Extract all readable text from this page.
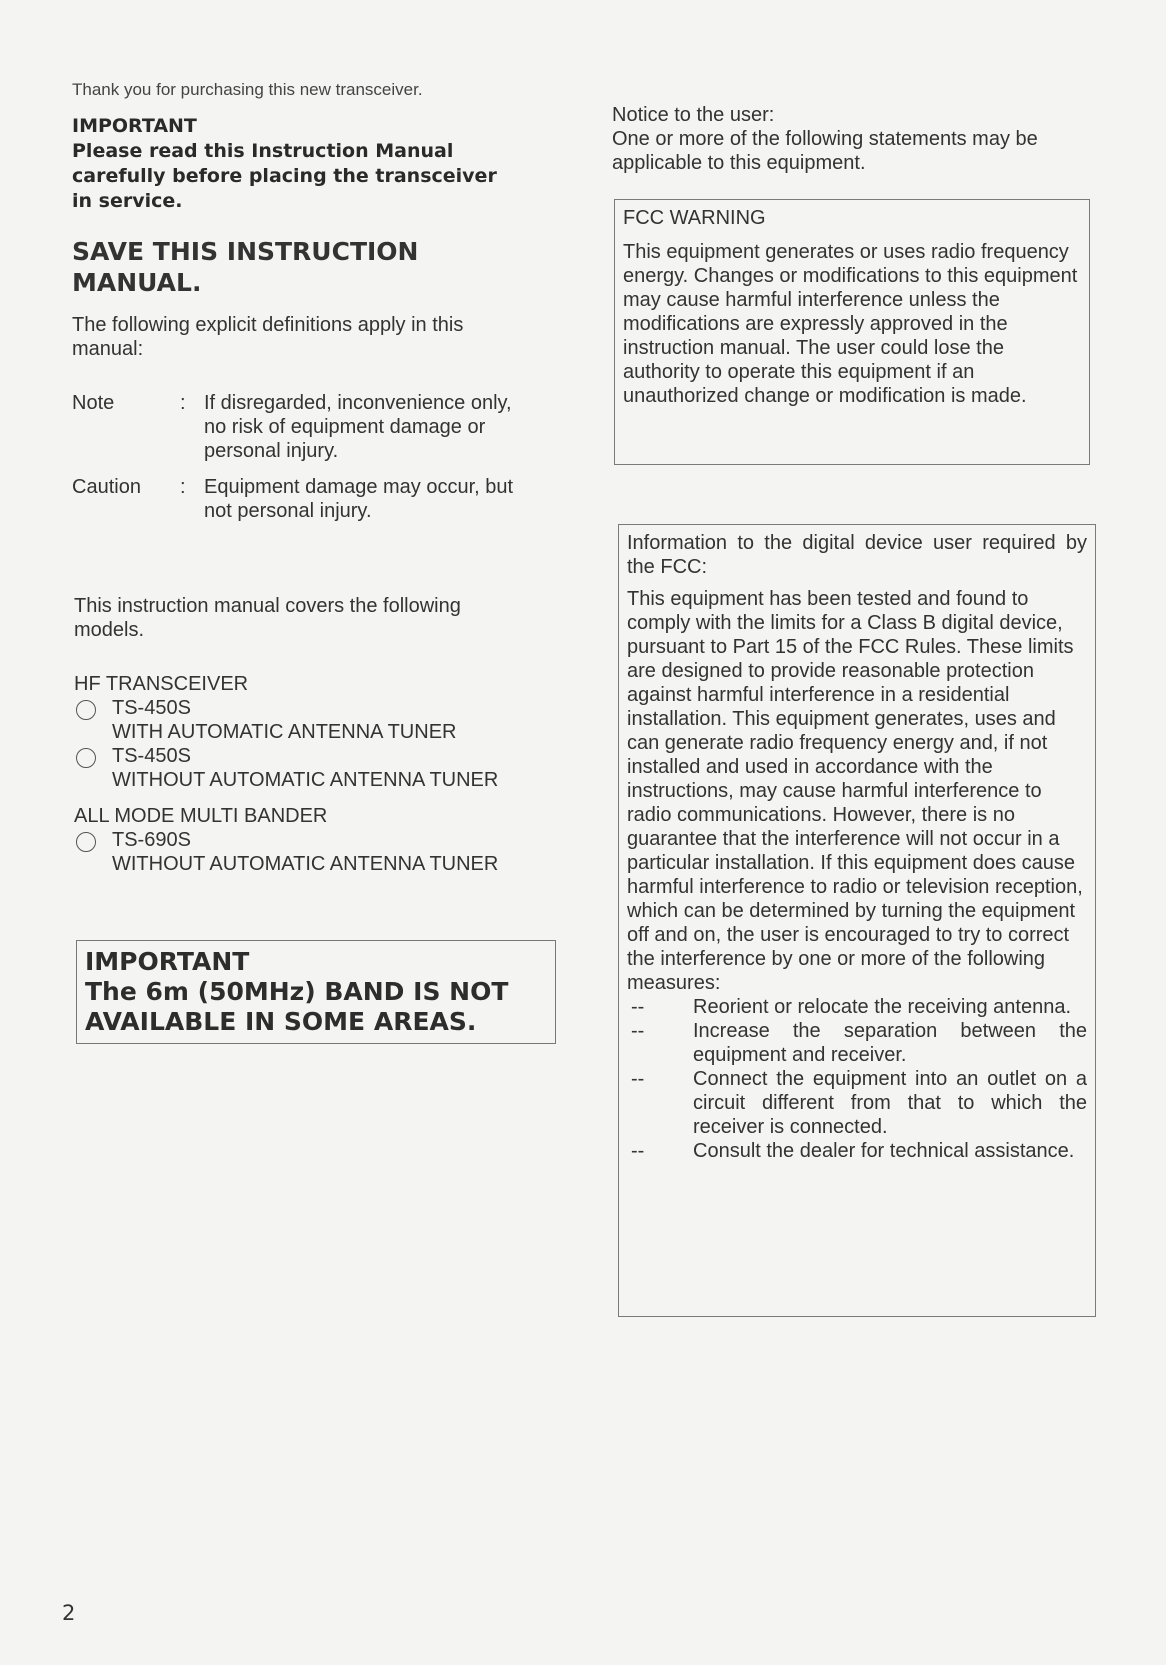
Thank you for purchasing this new transceiver.
IMPORTANT
Please read this Instruction Manual
carefully before placing the transceiver
in service.
SAVE THIS INSTRUCTION
MANUAL.
The following explicit definitions apply in this manual:
Note	: If disregarded, inconvenience only, no risk of equipment damage or personal injury.
Caution : Equipment damage may occur, but not personal injury.
This instruction manual covers the following models.
HF TRANSCEIVER
TS-450S
WITH AUTOMATIC ANTENNA TUNER
TS-450S
WITHOUT AUTOMATIC ANTENNA TUNER
ALL MODE MULTI BANDER
TS-690S
WITHOUT AUTOMATIC ANTENNA TUNER
IMPORTANT
The 6m (50MHz) BAND IS NOT
AVAILABLE IN SOME AREAS.
Notice to the user:
One or more of the following statements may be applicable to this equipment.
FCC WARNING
This equipment generates or uses radio frequency energy. Changes or modifications to this equipment may cause harmful interference unless the modifications are expressly approved in the instruction manual. The user could lose the authority to operate this equipment if an unauthorized change or modification is made.
Information to the digital device user required by the FCC:
This equipment has been tested and found to comply with the limits for a Class B digital device, pursuant to Part 15 of the FCC Rules. These limits are designed to provide reasonable protection against harmful interference in a residential installation. This equipment generates, uses and can generate radio frequency energy and, if not installed and used in accordance with the instructions, may cause harmful interference to radio communications. However, there is no guarantee that the interference will not occur in a particular installation. If this equipment does cause harmful interference to radio or television reception, which can be determined by turning the equipment off and on, the user is encouraged to try to correct the interference by one or more of the following measures:
-- Reorient or relocate the receiving antenna.
-- Increase the separation between the equipment and receiver.
-- Connect the equipment into an outlet on a circuit different from that to which the receiver is connected.
-- Consult the dealer for technical assistance.
2
